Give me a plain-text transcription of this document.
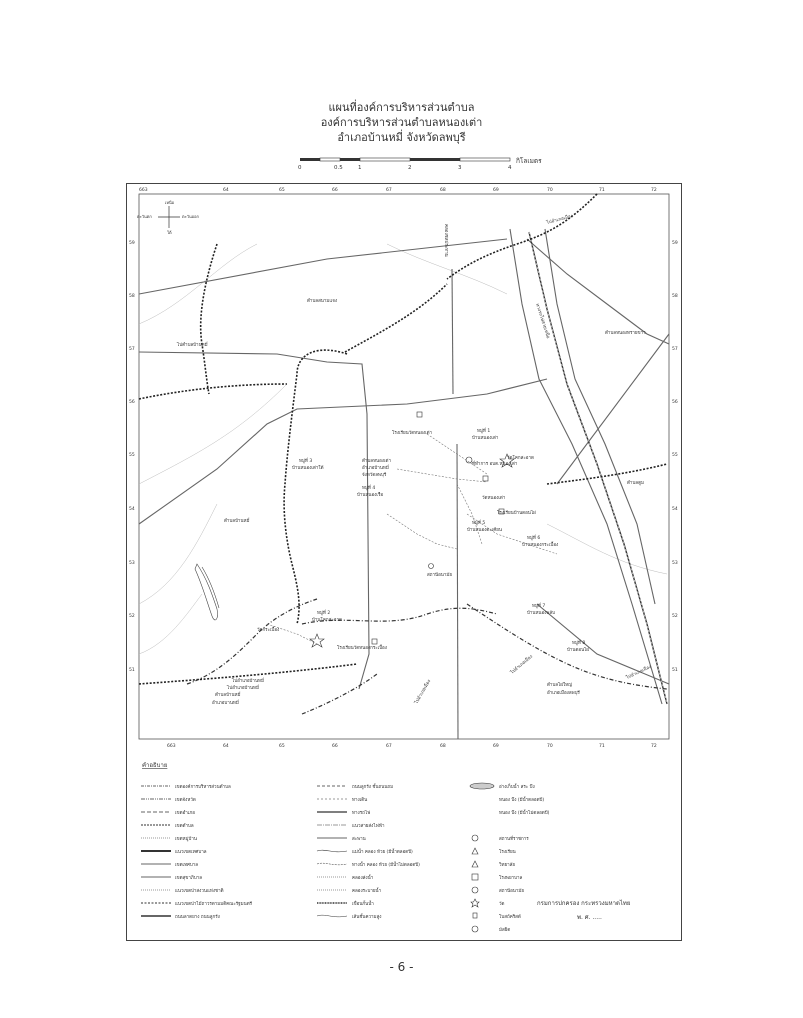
แผนที่องค์การบริหารส่วนตำบล
องค์การบริหารส่วนตำบลหนองเต่า
อำเภอบ้านหมี่ จังหวัดลพบุรี
0	0.5	1	2	3	4
กิโลเมตร
663	64	65	66	67	68	69	70	71	72
663	64	65	66	67	68	69	70	71	72
59
58
57
56
55
54
53
52
51
59
58
57
56
55
54
53
52
51
เหนือ
ใต้
ตะวันตก	ตะวันออก
ตำบลสนามแจง
ตำบลหนองทรายขาว
ตำบลตูม
ตำบลบ้านหมี่
ตำบลบ้านหมี่
อำเภอบานหมี่
ไปตำบลบ้านหมี่
โรงเรียนวัดหนองเต่า	หมู่ที่ 1
บ้านหนองเต่า
ที่ทำการ อบต.หนองเต่า
ตำบลหนองเต่า
อำเภอบ้านหมี่
จังหวัดลพบุรี
หมู่ที่ 3
บ้านหนองเต่าใต้
หมู่ที่ 4
บ้านหนองเรือ
หมู่ที่ 5
บ้านหนองตะเคียน
หมู่ที่ 6
บ้านหนองกระเบื้อง
หมู่ที่ 7
บ้านหนองพลับ
หมู่ที่ 8
บ้านดอนไผ่
หมู่ที่ 2
บ้านโคกสะอาด
วัดกระเบื้อง
โรงเรียนวัดหนองกระเบื้อง
วัดหนองเต่า
วัดโคกสะอาด
โรงเรียนบ้านดอนไผ่
สถานีอนามัย
ตำบลไผ่ใหญ่
อำเภอเมืองลพบุรี
ไปอำเภอบ้านหมี่
ไปอำเภอบ้านหมี่
คลองชลประทาน
ทางรถไฟสายเหนือ
ไปอำเภอเมือง
ไปอำเภอเมือง
ไปอำเภอเมือง
ไปอำเภอเมือง
คำอธิบาย
เขตองค์การบริหารส่วนตำบล
เขตจังหวัด
เขตอำเภอ
เขตตำบล
เขตหมู่บ้าน
แนวเขตเทศบาล
เขตเทศบาล
เขตสุขาภิบาล
แนวเขตป่าสงวนแห่งชาติ
แนวเขตป่าไม้ถาวรตามมติคณะรัฐมนตรี
ถนนลาดยาง ถนนลูกรัง
ถนนลูกรัง ชั้นถนนถม
ทางเดิน
ทางรถไฟ
แนวสายส่งไฟฟ้า
สะพาน
แม่น้ำ คลอง ห้วย (มีน้ำตลอดปี)
ทางน้ำ คลอง ห้วย (มีน้ำไม่ตลอดปี)
คลองส่งน้ำ
คลองระบายน้ำ
เขื่อนกั้นน้ำ
เส้นชั้นความสูง
อ่างเก็บน้ำ สระ บึง
หนอง บึง (มีน้ำตลอดปี)
หนอง บึง (มีน้ำไม่ตลอดปี)
สถานที่ราชการ
โรงเรียน
วิทยาลัย
โรงพยาบาล
สถานีอนามัย
วัด
โบสถ์คริสต์
มัสยิด
กรมการปกครอง กระทรวงมหาดไทย
พ. ศ. .....
- 6 -
